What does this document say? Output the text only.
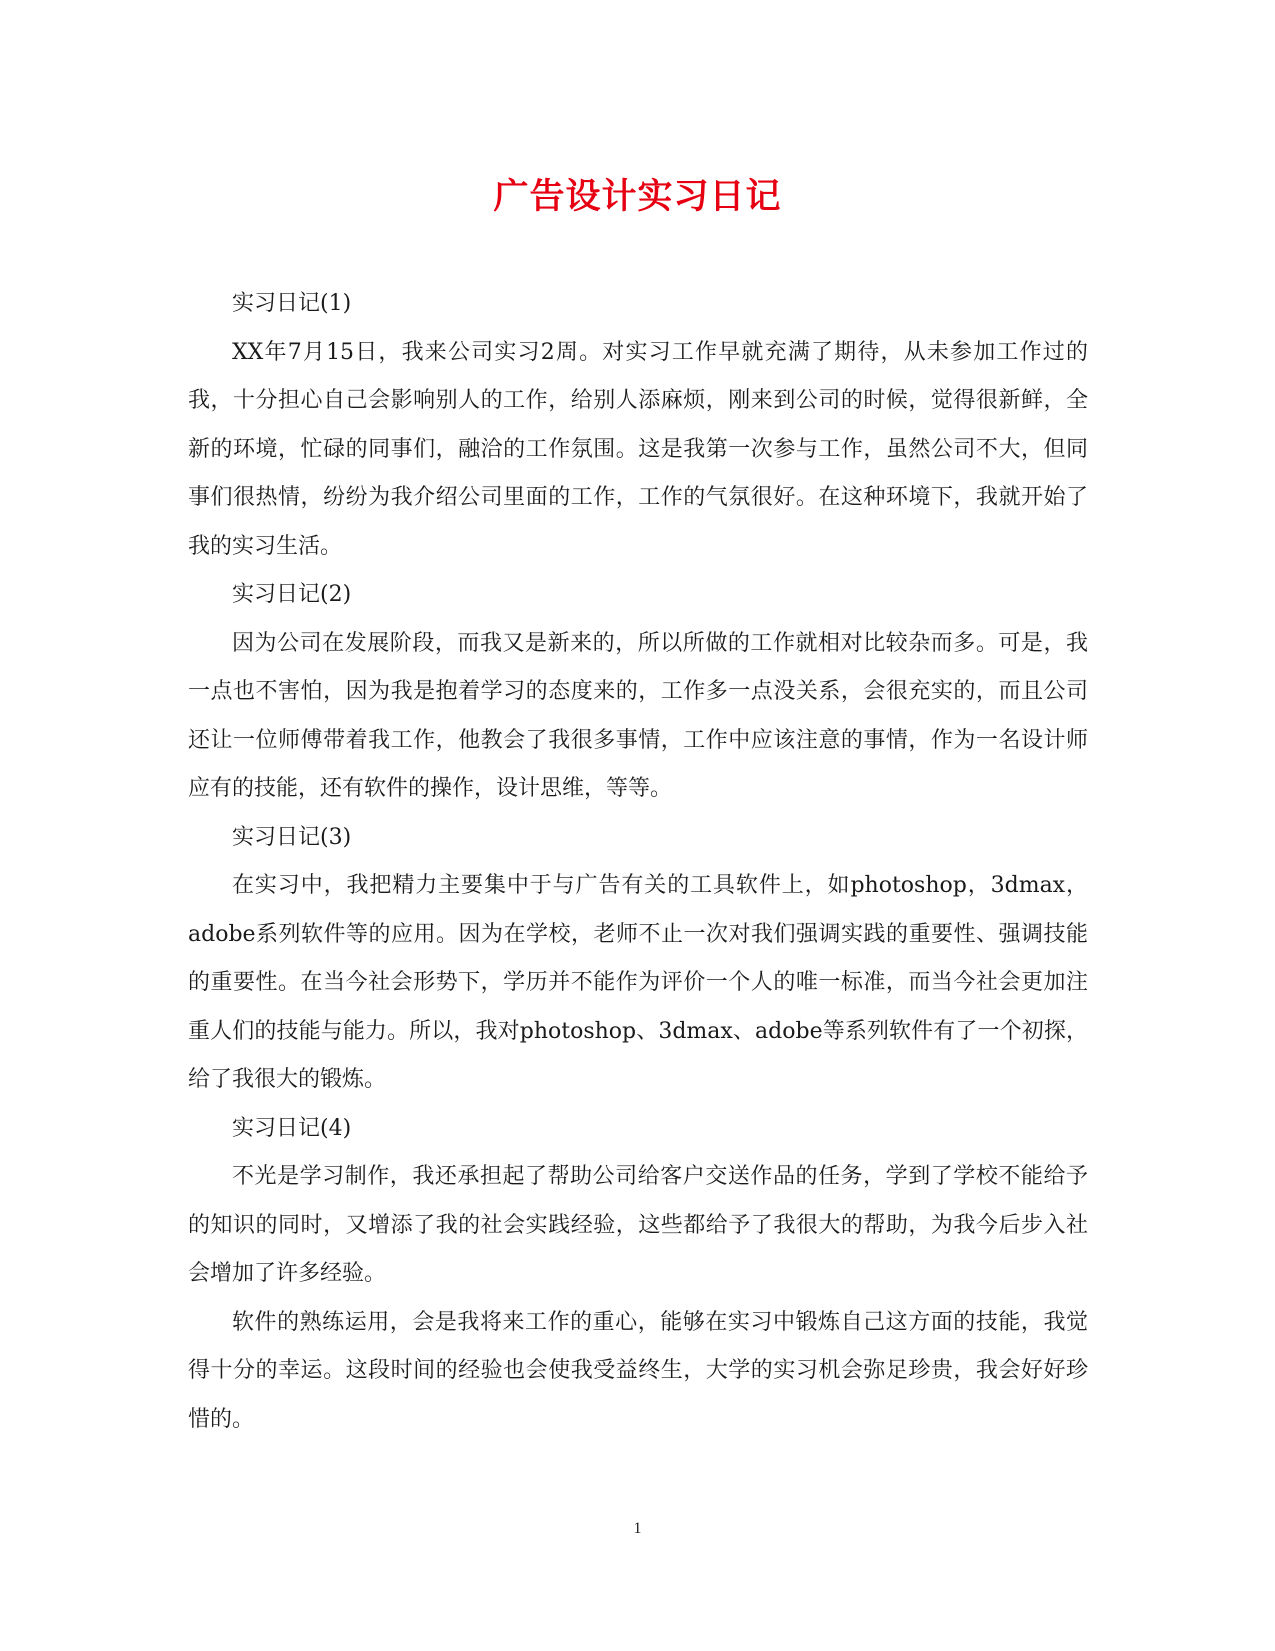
广告设计实习日记

实习日记(1)

XX年7月15日，我来公司实习2周。对实习工作早就充满了期待，从未参加工作过的我，十分担心自己会影响别人的工作，给别人添麻烦，刚来到公司的时候，觉得很新鲜，全新的环境，忙碌的同事们，融洽的工作氛围。这是我第一次参与工作，虽然公司不大，但同事们很热情，纷纷为我介绍公司里面的工作，工作的气氛很好。在这种环境下，我就开始了我的实习生活。

实习日记(2)

因为公司在发展阶段，而我又是新来的，所以所做的工作就相对比较杂而多。可是，我一点也不害怕，因为我是抱着学习的态度来的，工作多一点没关系，会很充实的，而且公司还让一位师傅带着我工作，他教会了我很多事情，工作中应该注意的事情，作为一名设计师应有的技能，还有软件的操作，设计思维，等等。

实习日记(3)

在实习中，我把精力主要集中于与广告有关的工具软件上，如photoshop，3dmax，adobe系列软件等的应用。因为在学校，老师不止一次对我们强调实践的重要性、强调技能的重要性。在当今社会形势下，学历并不能作为评价一个人的唯一标准，而当今社会更加注重人们的技能与能力。所以，我对photoshop、3dmax、adobe等系列软件有了一个初探，给了我很大的锻炼。

实习日记(4)

不光是学习制作，我还承担起了帮助公司给客户交送作品的任务，学到了学校不能给予的知识的同时，又增添了我的社会实践经验，这些都给予了我很大的帮助，为我今后步入社会增加了许多经验。

软件的熟练运用，会是我将来工作的重心，能够在实习中锻炼自己这方面的技能，我觉得十分的幸运。这段时间的经验也会使我受益终生，大学的实习机会弥足珍贵，我会好好珍惜的。

1
